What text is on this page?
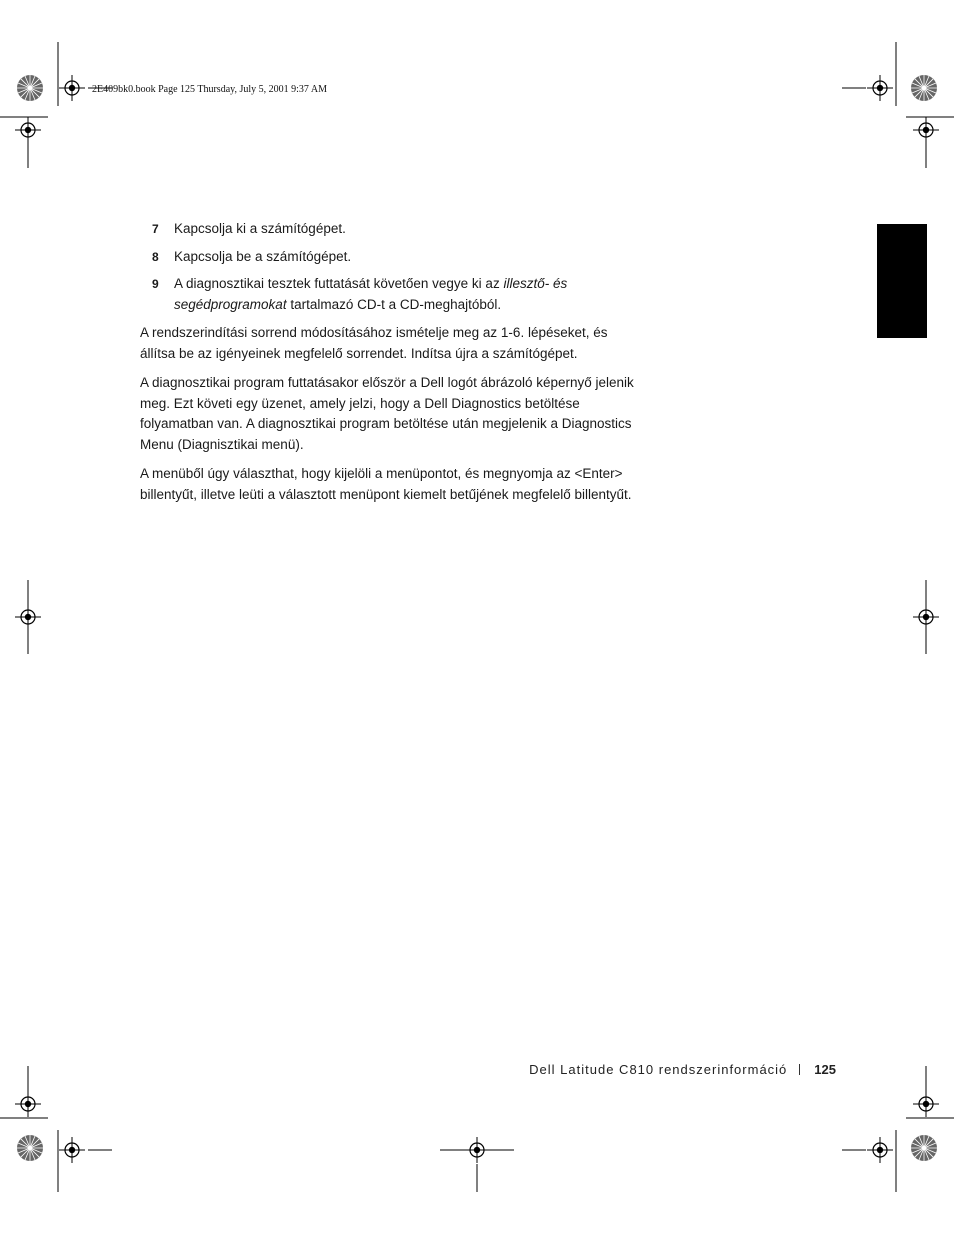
2E409bk0.book Page 125 Thursday, July 5, 2001 9:37 AM
7 Kapcsolja ki a számítógépet.
8 Kapcsolja be a számítógépet.
9 A diagnosztikai tesztek futtatását követően vegye ki az illesztő- és segédprogramokat tartalmazó CD-t a CD-meghajtóból.

A rendszerindítási sorrend módosításához ismételje meg az 1-6. lépéseket, és állítsa be az igényeinek megfelelő sorrendet. Indítsa újra a számítógépet.

A diagnosztikai program futtatásakor először a Dell logót ábrázoló képernyő jelenik meg. Ezt követi egy üzenet, amely jelzi, hogy a Dell Diagnostics betöltése folyamatban van. A diagnosztikai program betöltése után megjelenik a Diagnostics Menu (Diagnisztikai menü).

A menüből úgy választhat, hogy kijelöli a menüpontot, és megnyomja az <Enter> billentyűt, illetve leüti a választott menüpont kiemelt betűjének megfelelő billentyűt.

Dell Latitude C810 rendszerinformáció 125
